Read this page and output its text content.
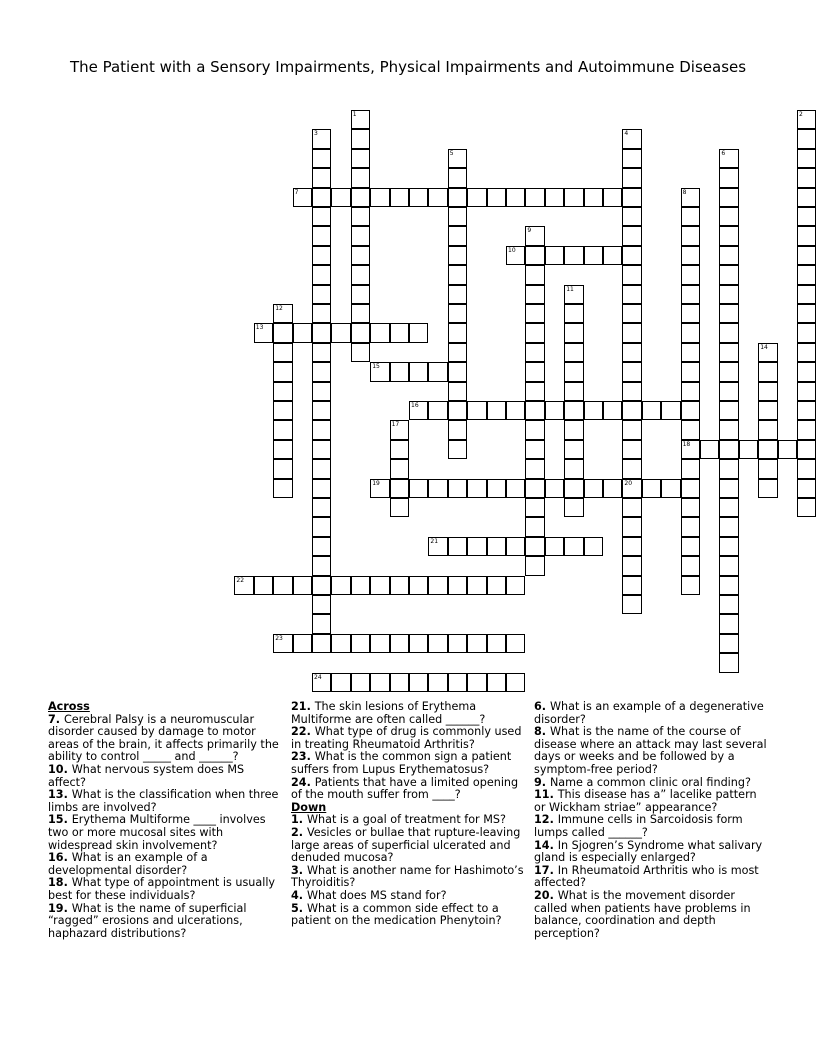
The Patient with a Sensory Impairments, Physical Impairments and Autoimmune Diseases
1	2
3	4
5	6
7	8
18
9
10
11
12
13
14
15
16
17
19	20
21
22
23
24

Across

7. Cerebral Palsy is a neuromuscular disorder caused by damage to motor areas of the brain, it affects primarily the ability to control _____ and ______?

10. What nervous system does MS affect?

13. What is the classification when three limbs are involved?

15. Erythema Multiforme ____ involves two or more mucosal sites with widespread skin involvement?

16. What is an example of a developmental disorder?

18. What type of appointment is usually best for these individuals?

19. What is the name of superficial “ragged” erosions and ulcerations, haphazard distributions?

21. The skin lesions of Erythema Multiforme are often called ______?

22. What type of drug is commonly used in treating Rheumatoid Arthritis?

23. What is the common sign a patient suffers from Lupus Erythematosus?

24. Patients that have a limited opening of the mouth suffer from ____?

Down

1. What is a goal of treatment for MS?

2. Vesicles or bullae that rupture-leaving large areas of superficial ulcerated and denuded mucosa?

3. What is another name for Hashimoto’s Thyroiditis?

4. What does MS stand for?

5. What is a common side effect to a patient on the medication Phenytoin?

6. What is an example of a degenerative disorder?

8. What is the name of the course of disease where an attack may last several days or weeks and be followed by a symptom-free period?

9. Name a common clinic oral finding?

11. This disease has a” lacelike pattern or Wickham striae” appearance?

12. Immune cells in Sarcoidosis form lumps called ______?

14. In Sjogren’s Syndrome what salivary gland is especially enlarged?

17. In Rheumatoid Arthritis who is most affected?

20. What is the movement disorder called when patients have problems in balance, coordination and depth perception?
